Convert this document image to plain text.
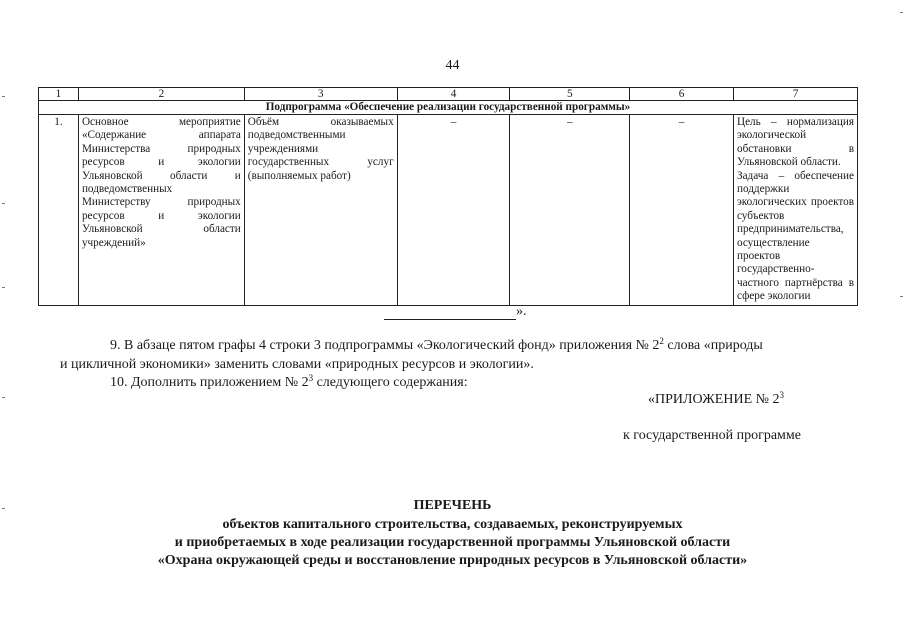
44
1	2	3	4	5	6	7
Подпрограмма «Обеспечение реализации государственной программы»						
1.	Основное мероприятие «Содержание аппарата Министерства природных ресурсов и экологии Ульяновской области и подведомственных Министерству природных ресурсов и экологии Ульяновской области учреждений»	Объём оказываемых подведомственными учреждениями государственных услуг (выполняемых работ)	–	–	–	Цель – нормализация экологической обстановки в Ульяновской области.
Задача – обеспечение поддержки экологических проектов субъектов предпринимательства, осуществление проектов государственно-частного партнёрства в сфере экологии
».
9. В абзаце пятом графы 4 строки 3 подпрограммы «Экологический фонд» приложения № $2^2$ слова «природы
и цикличной экономики» заменить словами «природных ресурсов и экологии».
10. Дополнить приложением № $2^3$ следующего содержания:
«ПРИЛОЖЕНИЕ № $2^3$
к государственной программе
ПЕРЕЧЕНЬ
объектов капитального строительства, создаваемых, реконструируемых
и приобретаемых в ходе реализации государственной программы Ульяновской области
«Охрана окружающей среды и восстановление природных ресурсов в Ульяновской области»
